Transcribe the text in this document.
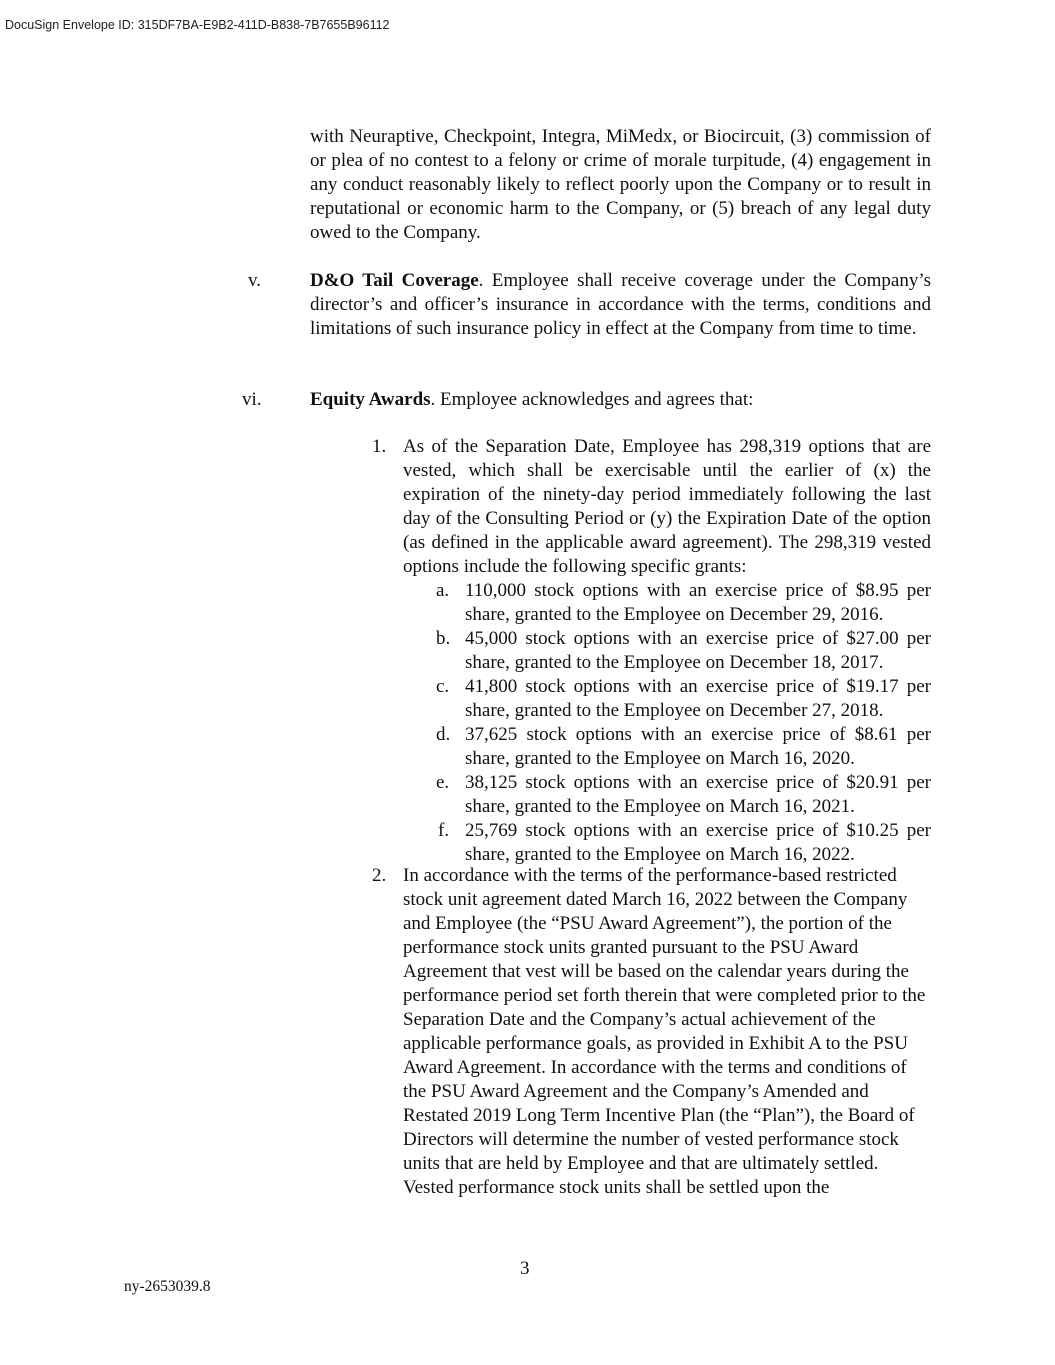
DocuSign Envelope ID: 315DF7BA-E9B2-411D-B838-7B7655B96112
with Neuraptive, Checkpoint, Integra, MiMedx, or Biocircuit, (3) commission of or plea of no contest to a felony or crime of morale turpitude, (4) engagement in any conduct reasonably likely to reflect poorly upon the Company or to result in reputational or economic harm to the Company, or (5) breach of any legal duty owed to the Company.
v.	D&O Tail Coverage. Employee shall receive coverage under the Company’s director’s and officer’s insurance in accordance with the terms, conditions and limitations of such insurance policy in effect at the Company from time to time.
vi.	Equity Awards. Employee acknowledges and agrees that:
1. As of the Separation Date, Employee has 298,319 options that are vested, which shall be exercisable until the earlier of (x) the expiration of the ninety-day period immediately following the last day of the Consulting Period or (y) the Expiration Date of the option (as defined in the applicable award agreement). The 298,319 vested options include the following specific grants:
a. 110,000 stock options with an exercise price of $8.95 per share, granted to the Employee on December 29, 2016.
b. 45,000 stock options with an exercise price of $27.00 per share, granted to the Employee on December 18, 2017.
c. 41,800 stock options with an exercise price of $19.17 per share, granted to the Employee on December 27, 2018.
d. 37,625 stock options with an exercise price of $8.61 per share, granted to the Employee on March 16, 2020.
e. 38,125 stock options with an exercise price of $20.91 per share, granted to the Employee on March 16, 2021.
f. 25,769 stock options with an exercise price of $10.25 per share, granted to the Employee on March 16, 2022.
2. In accordance with the terms of the performance-based restricted stock unit agreement dated March 16, 2022 between the Company and Employee (the “PSU Award Agreement”), the portion of the performance stock units granted pursuant to the PSU Award Agreement that vest will be based on the calendar years during the performance period set forth therein that were completed prior to the Separation Date and the Company’s actual achievement of the applicable performance goals, as provided in Exhibit A to the PSU Award Agreement. In accordance with the terms and conditions of the PSU Award Agreement and the Company’s Amended and Restated 2019 Long Term Incentive Plan (the “Plan”), the Board of Directors will determine the number of vested performance stock units that are held by Employee and that are ultimately settled. Vested performance stock units shall be settled upon the
3
ny-2653039.8
